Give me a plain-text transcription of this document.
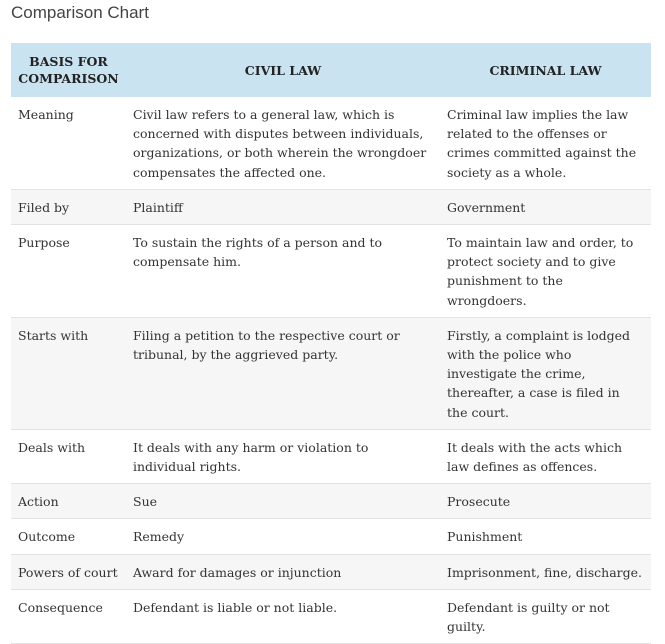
Comparison Chart
BASIS FOR COMPARISON	CIVIL LAW	CRIMINAL LAW
Meaning	Civil law refers to a general law, which is concerned with disputes between individuals, organizations, or both wherein the wrongdoer compensates the affected one.	Criminal law implies the law related to the offenses or crimes committed against the society as a whole.
Filed by	Plaintiff	Government
Purpose	To sustain the rights of a person and to compensate him.	To maintain law and order, to protect society and to give punishment to the wrongdoers.
Starts with	Filing a petition to the respective court or tribunal, by the aggrieved party.	Firstly, a complaint is lodged with the police who investigate the crime, thereafter, a case is filed in the court.
Deals with	It deals with any harm or violation to individual rights.	It deals with the acts which law defines as offences.
Action	Sue	Prosecute
Outcome	Remedy	Punishment
Powers of court	Award for damages or injunction	Imprisonment, fine, discharge.
Consequence	Defendant is liable or not liable.	Defendant is guilty or not guilty.
